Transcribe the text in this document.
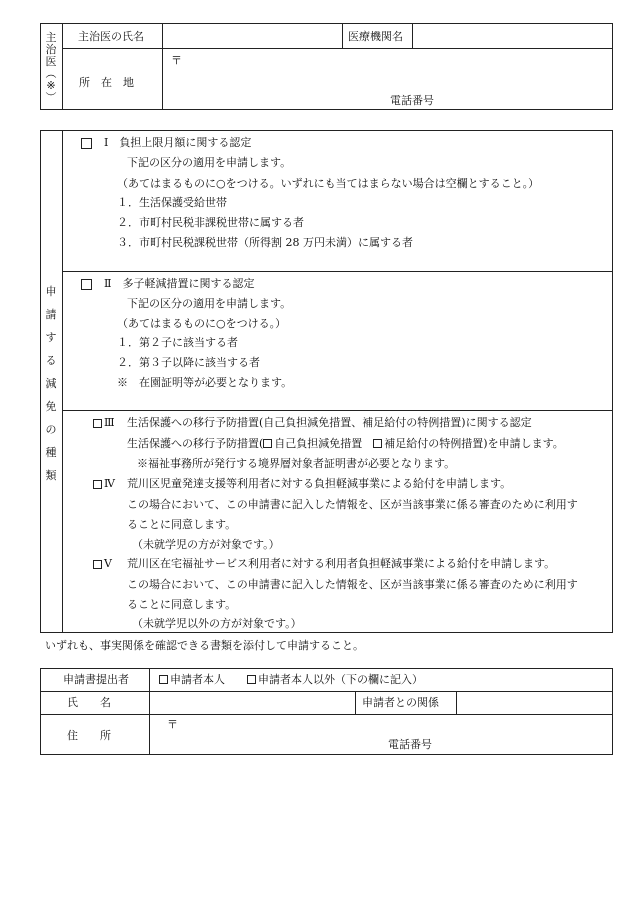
主
治
医
︵
※
︶
主治医の氏名	医療機関名
所　在　地
〒
電話番号
申
請
す
る
減
免
の
種
類
Ⅰ　負担上限月額に関する認定
下記の区分の適用を申請します。
（あてはまるものに○をつける。いずれにも当てはまらない場合は空欄とすること。）
１．生活保護受給世帯
２．市町村民税非課税世帯に属する者
３．市町村民税課税世帯（所得割 28 万円未満）に属する者
Ⅱ　多子軽減措置に関する認定
下記の区分の適用を申請します。
（あてはまるものに○をつける。）
１．第２子に該当する者
２．第３子以降に該当する者
※　在園証明等が必要となります。
Ⅲ 生活保護への移行予防措置(自己負担減免措置、補足給付の特例措置)に関する認定
生活保護への移行予防措置( 自己負担減免措置　補足給付の特例措置)を申請します。
※福祉事務所が発行する境界層対象者証明書が必要となります。
Ⅳ 荒川区児童発達支援等利用者に対する負担軽減事業による給付を申請します。
この場合において、この申請書に記入した情報を、区が当該事業に係る審査のために利用す
ることに同意します。
（未就学児の方が対象です。）
Ⅴ 荒川区在宅福祉サービス利用者に対する利用者負担軽減事業による給付を申請します。
この場合において、この申請書に記入した情報を、区が当該事業に係る審査のために利用す
ることに同意します。
（未就学児以外の方が対象です。）
いずれも、事実関係を確認できる書類を添付して申請すること。
申請書提出者	申請者本人	申請者本人以外（下の欄に記入）
氏　　名	申請者との関係
住　　所
〒
電話番号
